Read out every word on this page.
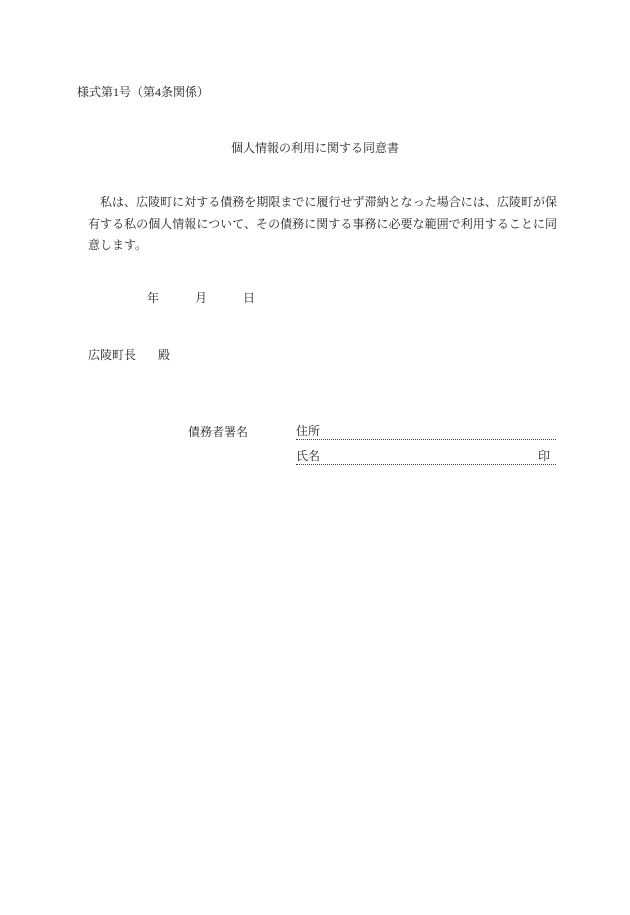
様式第1号（第4条関係）
個人情報の利用に関する同意書
私は、広陵町に対する債務を期限までに履行せず滞納となった場合には、広陵町が保
有する私の個人情報について、その債務に関する事務に必要な範囲で利用することに同
意します。
年	月	日
広陵町長 殿
債務者署名	住所
氏名	印
